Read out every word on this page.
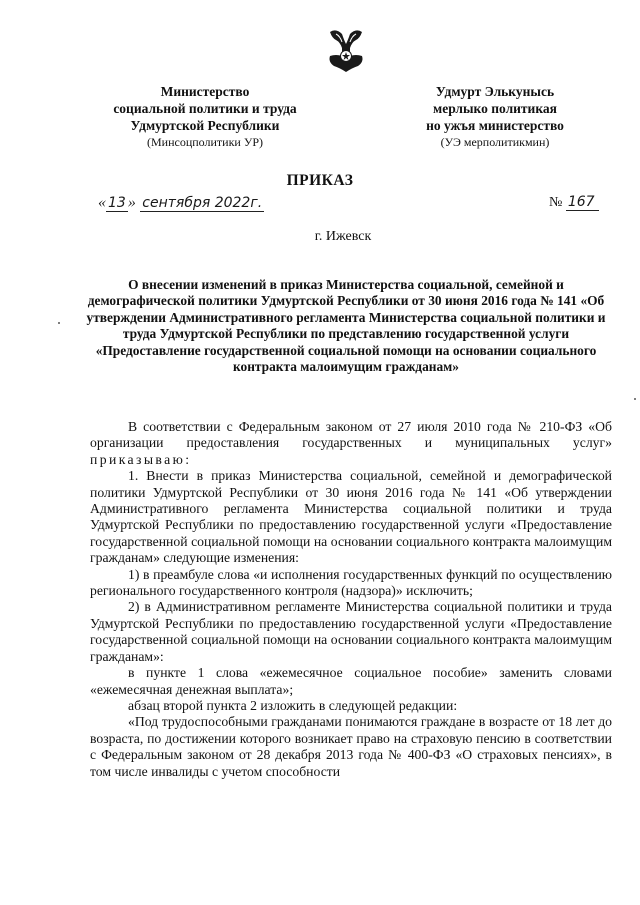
Министерство
социальной политики и труда
Удмуртской Республики
(Минсоцполитики УР)
Удмурт Элькунысь
мерлыко политикая
но ужъя министерство
(УЭ мерполитикмин)
ПРИКАЗ
« 13 » сентября 2022г.	№ 167
г. Ижевск
О внесении изменений в приказ Министерства социальной, семейной и демографической политики Удмуртской Республики от 30 июня 2016 года № 141 «Об утверждении Административного регламента Министерства социальной политики и труда Удмуртской Республики по представлению государственной услуги «Предоставление государственной социальной помощи на основании социального контракта малоимущим гражданам»

В соответствии с Федеральным законом от 27 июля 2010 года № 210-ФЗ «Об организации предоставления государственных и муниципальных услуг» приказываю:

1. Внести в приказ Министерства социальной, семейной и демографической политики Удмуртской Республики от 30 июня 2016 года № 141 «Об утверждении Административного регламента Министерства социальной политики и труда Удмуртской Республики по предоставлению государственной услуги «Предоставление государственной социальной помощи на основании социального контракта малоимущим гражданам» следующие изменения:

1) в преамбуле слова «и исполнения государственных функций по осуществлению регионального государственного контроля (надзора)» исключить;

2) в Административном регламенте Министерства социальной политики и труда Удмуртской Республики по предоставлению государственной услуги «Предоставление государственной социальной помощи на основании социального контракта малоимущим гражданам»:

в пункте 1 слова «ежемесячное социальное пособие» заменить словами «ежемесячная денежная выплата»;

абзац второй пункта 2 изложить в следующей редакции:

«Под трудоспособными гражданами понимаются граждане в возрасте от 18 лет до возраста, по достижении которого возникает право на страховую пенсию в соответствии с Федеральным законом от 28 декабря 2013 года № 400-ФЗ «О страховых пенсиях», в том числе инвалиды с учетом способности
